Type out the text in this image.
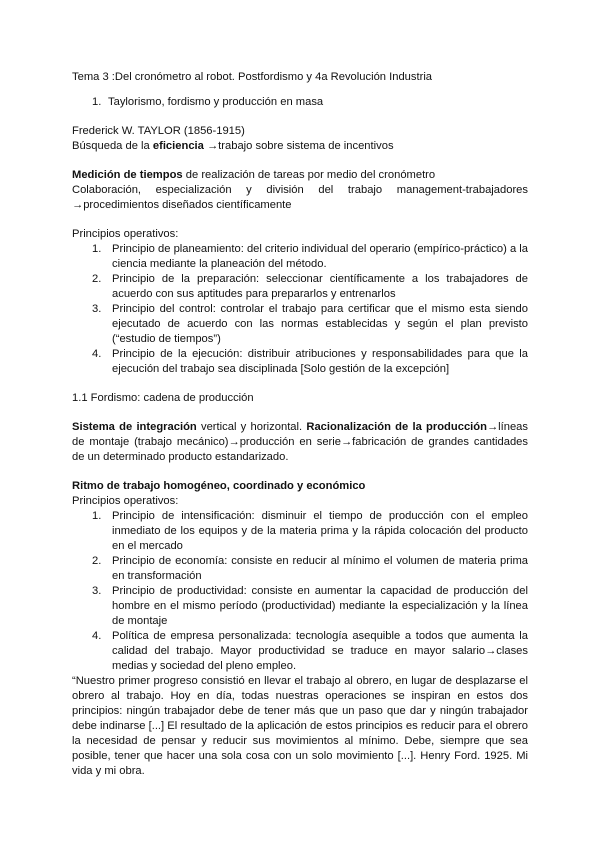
Tema 3 :Del cronómetro al robot. Postfordismo y 4a Revolución Industria

1. Taylorismo, fordismo y producción en masa

Frederick W. TAYLOR (1856-1915)

Búsqueda de la eficiencia →trabajo sobre sistema de incentivos

Medición de tiempos de realización de tareas por medio del cronómetro

Colaboración, especialización y división del trabajo management-trabajadores →procedimientos diseñados científicamente

Principios operativos:

1. Principio de planeamiento: del criterio individual del operario (empírico-práctico) a la ciencia mediante la planeación del método.
2. Principio de la preparación: seleccionar científicamente a los trabajadores de acuerdo con sus aptitudes para prepararlos y entrenarlos
3. Principio del control: controlar el trabajo para certificar que el mismo esta siendo ejecutado de acuerdo con las normas establecidas y según el plan previsto (“estudio de tiempos”)
4. Principio de la ejecución: distribuir atribuciones y responsabilidades para que la ejecución del trabajo sea disciplinada [Solo gestión de la excepción]

1.1 Fordismo: cadena de producción

Sistema de integración vertical y horizontal. Racionalización de la producción→líneas de montaje (trabajo mecánico)→producción en serie→fabricación de grandes cantidades de un determinado producto estandarizado.

Ritmo de trabajo homogéneo, coordinado y económico

Principios operativos:

1. Principio de intensificación: disminuir el tiempo de producción con el empleo inmediato de los equipos y de la materia prima y la rápida colocación del producto en el mercado
2. Principio de economía: consiste en reducir al mínimo el volumen de materia prima en transformación
3. Principio de productividad: consiste en aumentar la capacidad de producción del hombre en el mismo período (productividad) mediante la especialización y la línea de montaje
4. Política de empresa personalizada: tecnología asequible a todos que aumenta la calidad del trabajo. Mayor productividad se traduce en mayor salario→clases medias y sociedad del pleno empleo.

“Nuestro primer progreso consistió en llevar el trabajo al obrero, en lugar de desplazarse el obrero al trabajo. Hoy en día, todas nuestras operaciones se inspiran en estos dos principios: ningún trabajador debe de tener más que un paso que dar y ningún trabajador debe indinarse [...] El resultado de la aplicación de estos principios es reducir para el obrero la necesidad de pensar y reducir sus movimientos al mínimo. Debe, siempre que sea posible, tener que hacer una sola cosa con un solo movimiento [...]. Henry Ford. 1925. Mi vida y mi obra.
